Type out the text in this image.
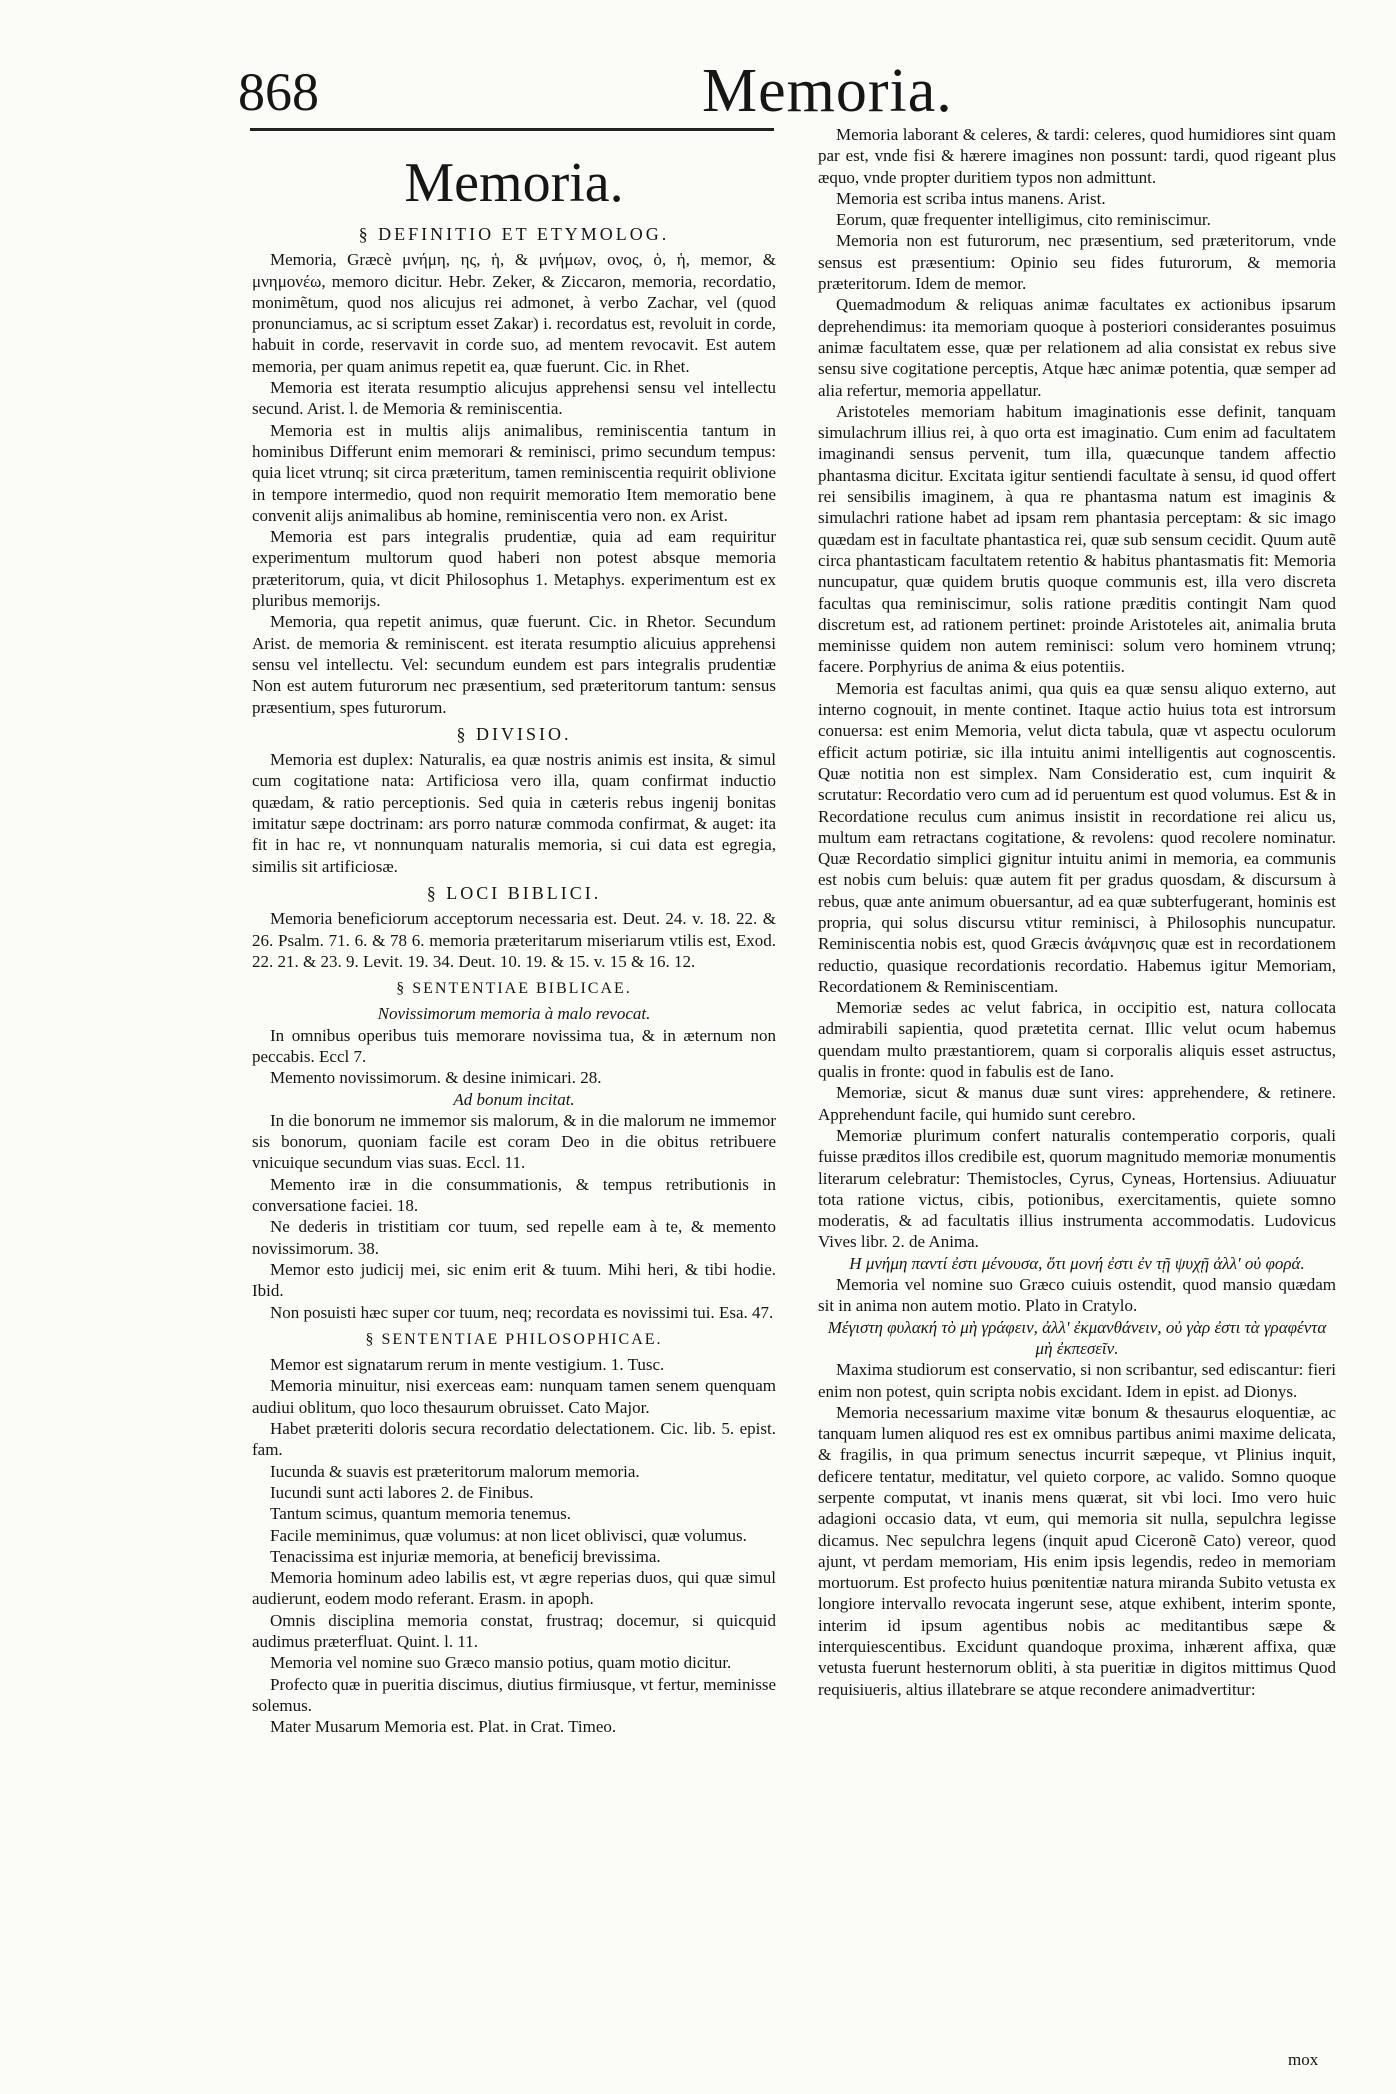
868	Memoria.
Memoria.
§ DEFINITIO ET ETYMOLOG.

Memoria, Græcè μνήμη, ης, ἡ, & μνήμων, ονος, ὁ, ἡ, memor, & μνημονέω, memoro dicitur. Hebr. Zeker, & Ziccaron, memoria, recordatio, monimẽtum, quod nos alicujus rei admonet, à verbo Zachar, vel (quod pronunciamus, ac si scriptum esset Zakar) i. recordatus est, revoluit in corde, habuit in corde, reservavit in corde suo, ad mentem revocavit. Est autem memoria, per quam animus repetit ea, quæ fuerunt. Cic. in Rhet.

Memoria est iterata resumptio alicujus apprehensi sensu vel intellectu secund. Arist. l. de Memoria & reminiscentia.

Memoria est in multis alijs animalibus, reminiscentia tantum in hominibus Differunt enim memorari & reminisci, primo secundum tempus: quia licet vtrunq; sit circa præteritum, tamen reminiscentia requirit oblivione in tempore intermedio, quod non requirit memoratio Item memoratio bene convenit alijs animalibus ab homine, reminiscentia vero non. ex Arist.

Memoria est pars integralis prudentiæ, quia ad eam requiritur experimentum multorum quod haberi non potest absque memoria præteritorum, quia, vt dicit Philosophus 1. Metaphys. experimentum est ex pluribus memorijs.

Memoria, qua repetit animus, quæ fuerunt. Cic. in Rhetor. Secundum Arist. de memoria & reminiscent. est iterata resumptio alicuius apprehensi sensu vel intellectu. Vel: secundum eundem est pars integralis prudentiæ Non est autem futurorum nec præsentium, sed præteritorum tantum: sensus præsentium, spes futurorum.

§ DIVISIO.

Memoria est duplex: Naturalis, ea quæ nostris animis est insita, & simul cum cogitatione nata: Artificiosa vero illa, quam confirmat inductio quædam, & ratio perceptionis. Sed quia in cæteris rebus ingenij bonitas imitatur sæpe doctrinam: ars porro naturæ commoda confirmat, & auget: ita fit in hac re, vt nonnunquam naturalis memoria, si cui data est egregia, similis sit artificiosæ.

§ LOCI BIBLICI.

Memoria beneficiorum acceptorum necessaria est. Deut. 24. v. 18. 22. & 26. Psalm. 71. 6. & 78 6. memoria præteritarum miseriarum vtilis est, Exod. 22. 21. & 23. 9. Levit. 19. 34. Deut. 10. 19. & 15. v. 15 & 16. 12.

§ SENTENTIAE BIBLICAE.

Novissimorum memoria à malo revocat.

In omnibus operibus tuis memorare novissima tua, & in æternum non peccabis. Eccl 7.

Memento novissimorum. & desine inimicari. 28.

Ad bonum incitat.

In die bonorum ne immemor sis malorum, & in die malorum ne immemor sis bonorum, quoniam facile est coram Deo in die obitus retribuere vnicuique secundum vias suas. Eccl. 11.

Memento iræ in die consummationis, & tempus retributionis in conversatione faciei. 18.

Ne dederis in tristitiam cor tuum, sed repelle eam à te, & memento novissimorum. 38.

Memor esto judicij mei, sic enim erit & tuum. Mihi heri, & tibi hodie. Ibid.

Non posuisti hæc super cor tuum, neq; recordata es novissimi tui. Esa. 47.

§ SENTENTIAE PHILOSOPHICAE.

Memor est signatarum rerum in mente vestigium. 1. Tusc.

Memoria minuitur, nisi exerceas eam: nunquam tamen senem quenquam audiui oblitum, quo loco thesaurum obruisset. Cato Major.

Habet præteriti doloris secura recordatio delectationem. Cic. lib. 5. epist. fam.

Iucunda & suavis est præteritorum malorum memoria.

Iucundi sunt acti labores 2. de Finibus.

Tantum scimus, quantum memoria tenemus.

Facile meminimus, quæ volumus: at non licet oblivisci, quæ volumus.

Tenacissima est injuriæ memoria, at beneficij brevissima.

Memoria hominum adeo labilis est, vt ægre reperias duos, qui quæ simul audierunt, eodem modo referant. Erasm. in apoph.

Omnis disciplina memoria constat, frustraq; docemur, si quicquid audimus præterfluat. Quint. l. 11.

Memoria vel nomine suo Græco mansio potius, quam motio dicitur.

Profecto quæ in pueritia discimus, diutius firmiusque, vt fertur, meminisse solemus.

Mater Musarum Memoria est. Plat. in Crat. Timeo.

Memoria laborant & celeres, & tardi: celeres, quod humidiores sint quam par est, vnde fisi & hærere imagines non possunt: tardi, quod rigeant plus æquo, vnde propter duritiem typos non admittunt.

Memoria est scriba intus manens. Arist.

Eorum, quæ frequenter intelligimus, cito reminiscimur.

Memoria non est futurorum, nec præsentium, sed præteritorum, vnde sensus est præsentium: Opinio seu fides futurorum, & memoria præteritorum. Idem de memor.

Quemadmodum & reliquas animæ facultates ex actionibus ipsarum deprehendimus: ita memoriam quoque à posteriori considerantes posuimus animæ facultatem esse, quæ per relationem ad alia consistat ex rebus sive sensu sive cogitatione perceptis, Atque hæc animæ potentia, quæ semper ad alia refertur, memoria appellatur.

Aristoteles memoriam habitum imaginationis esse definit, tanquam simulachrum illius rei, à quo orta est imaginatio. Cum enim ad facultatem imaginandi sensus pervenit, tum illa, quæcunque tandem affectio phantasma dicitur. Excitata igitur sentiendi facultate à sensu, id quod offert rei sensibilis imaginem, à qua re phantasma natum est imaginis & simulachri ratione habet ad ipsam rem phantasia perceptam: & sic imago quædam est in facultate phantastica rei, quæ sub sensum cecidit. Quum autẽ circa phantasticam facultatem retentio & habitus phantasmatis fit: Memoria nuncupatur, quæ quidem brutis quoque communis est, illa vero discreta facultas qua reminiscimur, solis ratione præditis contingit Nam quod discretum est, ad rationem pertinet: proinde Aristoteles ait, animalia bruta meminisse quidem non autem reminisci: solum vero hominem vtrunq; facere. Porphyrius de anima & eius potentiis.

Memoria est facultas animi, qua quis ea quæ sensu aliquo externo, aut interno cognouit, in mente continet. Itaque actio huius tota est introrsum conuersa: est enim Memoria, velut dicta tabula, quæ vt aspectu oculorum efficit actum potiriæ, sic illa intuitu animi intelligentis aut cognoscentis. Quæ notitia non est simplex. Nam Consideratio est, cum inquirit & scrutatur: Recordatio vero cum ad id peruentum est quod volumus. Est & in Recordatione reculus cum animus insistit in recordatione rei alicu us, multum eam retractans cogitatione, & revolens: quod recolere nominatur. Quæ Recordatio simplici gignitur intuitu animi in memoria, ea communis est nobis cum beluis: quæ autem fit per gradus quosdam, & discursum à rebus, quæ ante animum obuersantur, ad ea quæ subterfugerant, hominis est propria, qui solus discursu vtitur reminisci, à Philosophis nuncupatur. Reminiscentia nobis est, quod Græcis ἀνάμνησις quæ est in recordationem reductio, quasique recordationis recordatio. Habemus igitur Memoriam, Recordationem & Reminiscentiam.

Memoriæ sedes ac velut fabrica, in occipitio est, natura collocata admirabili sapientia, quod prætetita cernat. Illic velut ocum habemus quendam multo præstantiorem, quam si corporalis aliquis esset astructus, qualis in fronte: quod in fabulis est de Iano.

Memoriæ, sicut & manus duæ sunt vires: apprehendere, & retinere. Apprehendunt facile, qui humido sunt cerebro.

Memoriæ plurimum confert naturalis contemperatio corporis, quali fuisse præditos illos credibile est, quorum magnitudo memoriæ monumentis literarum celebratur: Themistocles, Cyrus, Cyneas, Hortensius. Adiuuatur tota ratione victus, cibis, potionibus, exercitamentis, quiete somno moderatis, & ad facultatis illius instrumenta accommodatis. Ludovicus Vives libr. 2. de Anima.

Η μνήμη παντί ἐστι μένουσα, ὅτι μονή ἐστι ἐν τῇ ψυχῇ ἀλλ' οὐ φορά.

Memoria vel nomine suo Græco cuiuis ostendit, quod mansio quædam sit in anima non autem motio. Plato in Cratylo.

Μέγιστη φυλακή τὸ μὴ γράφειν, ἀλλ' ἐκμανθάνειν, οὐ γὰρ ἐστι τὰ γραφέντα μὴ ἐκπεσεῖν.

Maxima studiorum est conservatio, si non scribantur, sed ediscantur: fieri enim non potest, quin scripta nobis excidant. Idem in epist. ad Dionys.

Memoria necessarium maxime vitæ bonum & thesaurus eloquentiæ, ac tanquam lumen aliquod res est ex omnibus partibus animi maxime delicata, & fragilis, in qua primum senectus incurrit sæpeque, vt Plinius inquit, deficere tentatur, meditatur, vel quieto corpore, ac valido. Somno quoque serpente computat, vt inanis mens quærat, sit vbi loci. Imo vero huic adagioni occasio data, vt eum, qui memoria sit nulla, sepulchra legisse dicamus. Nec sepulchra legens (inquit apud Ciceronẽ Cato) vereor, quod ajunt, vt perdam memoriam, His enim ipsis legendis, redeo in memoriam mortuorum. Est profecto huius pœnitentiæ natura miranda Subito vetusta ex longiore intervallo revocata ingerunt sese, atque exhibent, interim sponte, interim id ipsum agentibus nobis ac meditantibus sæpe & interquiescentibus. Excidunt quandoque proxima, inhærent affixa, quæ vetusta fuerunt hesternorum obliti, à sta pueritiæ in digitos mittimus Quod requisiueris, altius illatebrare se atque recondere animadvertitur:

mox
